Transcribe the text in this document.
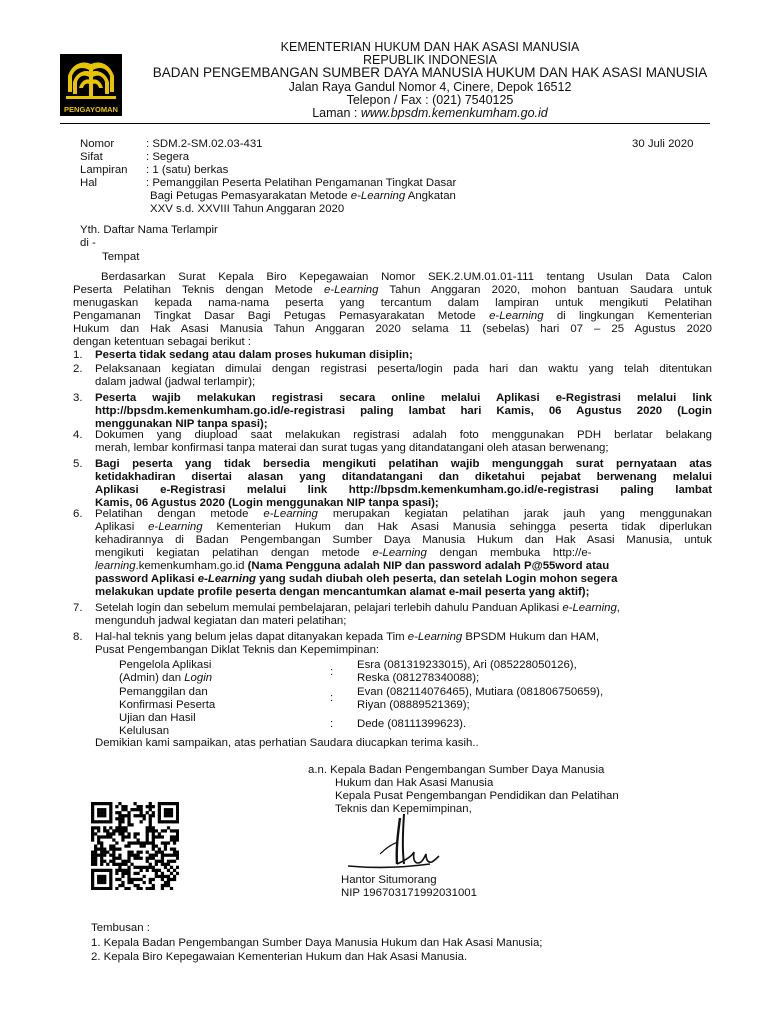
PENGAYOMAN
KEMENTERIAN HUKUM DAN HAK ASASI MANUSIA
REPUBLIK INDONESIA
BADAN PENGEMBANGAN SUMBER DAYA MANUSIA HUKUM DAN HAK ASASI MANUSIA
Jalan Raya Gandul Nomor 4, Cinere, Depok 16512
Telepon / Fax : (021) 7540125
Laman : www.bpsdm.kemenkumham.go.id
Nomor	: SDM.2-SM.02.03-431	30 Juli 2020
Sifat	: Segera
Lampiran : 1 (satu) berkas
Hal	: Pemanggilan Peserta Pelatihan Pengamanan Tingkat Dasar
Bagi Petugas Pemasyarakatan Metode e-Learning Angkatan
XXV s.d. XXVIII Tahun Anggaran 2020
Yth. Daftar Nama Terlampir
di -
Tempat
Berdasarkan Surat Kepala Biro Kepegawaian Nomor SEK.2.UM.01.01-111 tentang Usulan Data Calon
Peserta Pelatihan Teknis dengan Metode e-Learning Tahun Anggaran 2020, mohon bantuan Saudara untuk
menugaskan kepada nama-nama peserta yang tercantum dalam lampiran untuk mengikuti Pelatihan
Pengamanan Tingkat Dasar Bagi Petugas Pemasyarakatan Metode e-Learning di lingkungan Kementerian
Hukum dan Hak Asasi Manusia Tahun Anggaran 2020 selama 11 (sebelas) hari 07 – 25 Agustus 2020
dengan ketentuan sebagai berikut :
1. Peserta tidak sedang atau dalam proses hukuman disiplin;
2. Pelaksanaan kegiatan dimulai dengan registrasi peserta/login pada hari dan waktu yang telah ditentukan
dalam jadwal (jadwal terlampir);
3. Peserta wajib melakukan registrasi secara online melalui Aplikasi e-Registrasi melalui link
http://bpsdm.kemenkumham.go.id/e-registrasi paling lambat hari Kamis, 06 Agustus 2020 (Login
menggunakan NIP tanpa spasi);
4. Dokumen yang diupload saat melakukan registrasi adalah foto menggunakan PDH berlatar belakang
merah, lembar konfirmasi tanpa materai dan surat tugas yang ditandatangani oleh atasan berwenang;
5. Bagi peserta yang tidak bersedia mengikuti pelatihan wajib mengunggah surat pernyataan atas
ketidakhadiran disertai alasan yang ditandatangani dan diketahui pejabat berwenang melalui
Aplikasi e-Registrasi melalui link http://bpsdm.kemenkumham.go.id/e-registrasi paling lambat
Kamis, 06 Agustus 2020 (Login menggunakan NIP tanpa spasi);
6. Pelatihan dengan metode e-Learning merupakan kegiatan pelatihan jarak jauh yang menggunakan
Aplikasi e-Learning Kementerian Hukum dan Hak Asasi Manusia sehingga peserta tidak diperlukan
kehadirannya di Badan Pengembangan Sumber Daya Manusia Hukum dan Hak Asasi Manusia, untuk
mengikuti    kegiatan    pelatihan    dengan    metode    e-Learning    dengan    membuka    http://e-
learning.kemenkumham.go.id (Nama Pengguna adalah NIP dan password adalah P@55word atau
password Aplikasi e-Learning yang sudah diubah oleh peserta, dan setelah Login mohon segera
melakukan update profile peserta dengan mencantumkan alamat e-mail peserta yang aktif);
7. Setelah login dan sebelum memulai pembelajaran, pelajari terlebih dahulu Panduan Aplikasi e-Learning,
mengunduh jadwal kegiatan dan materi pelatihan;
8. Hal-hal teknis yang belum jelas dapat ditanyakan kepada Tim e-Learning BPSDM Hukum dan HAM,
Pusat Pengembangan Diklat Teknis dan Kepemimpinan:
Pengelola Aplikasi
(Admin) dan Login	:
Esra (081319233015), Ari (085228050126),
Reska (081278340088);
Pemanggilan dan
Konfirmasi Peserta
: Evan (082114076465), Mutiara (081806750659),
Riyan (08889521369);
Ujian dan Hasil
Kelulusan
: Dede (08111399623).
Demikian kami sampaikan, atas perhatian Saudara diucapkan terima kasih..
a.n. Kepala Badan Pengembangan Sumber Daya Manusia
Hukum dan Hak Asasi Manusia
Kepala Pusat Pengembangan Pendidikan dan Pelatihan
Teknis dan Kepemimpinan,
Hantor Situmorang
NIP 196703171992031001
Tembusan :
1. Kepala Badan Pengembangan Sumber Daya Manusia Hukum dan Hak Asasi Manusia;
2. Kepala Biro Kepegawaian Kementerian Hukum dan Hak Asasi Manusia.
